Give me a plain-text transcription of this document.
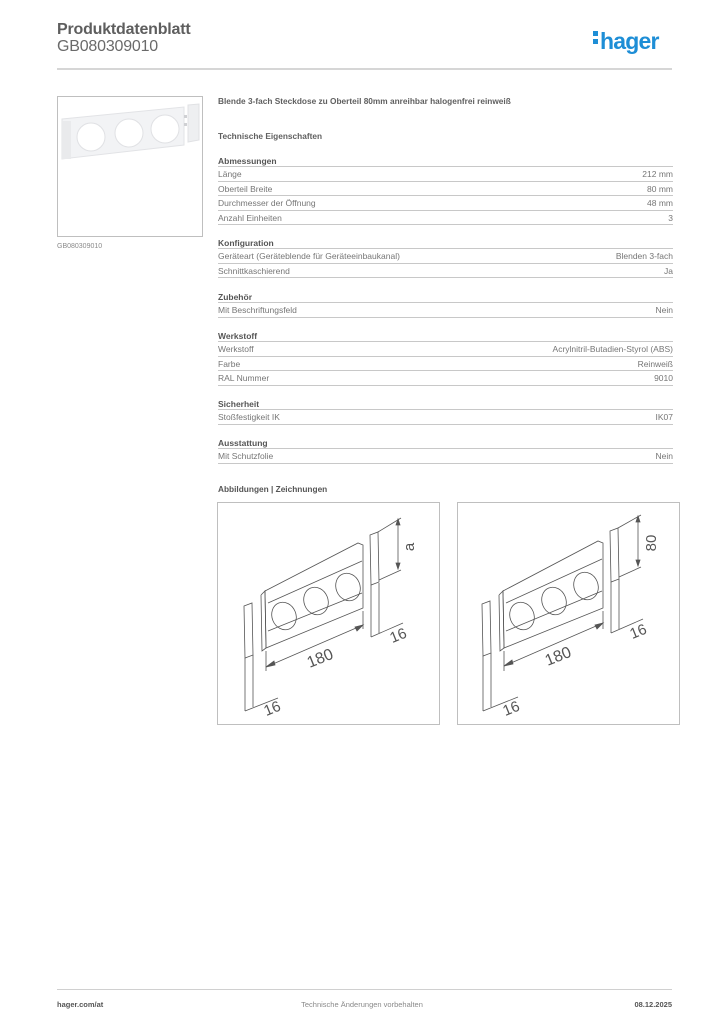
Produktdatenblatt
GB080309010	hager
GB080309010
Blende 3-fach Steckdose zu Oberteil 80mm anreihbar halogenfrei reinweiß
Technische Eigenschaften
Abmessungen
Länge	212 mm
Oberteil Breite	80 mm
Durchmesser der Öffnung	48 mm
Anzahl Einheiten	3
Konfiguration
Geräteart (Geräteblende für Geräteeinbaukanal)	Blenden 3-fach
Schnittkaschierend	Ja
Zubehör
Mit Beschriftungsfeld	Nein
Werkstoff
Werkstoff	Acrylnitril-Butadien-Styrol (ABS)
Farbe	Reinweiß
RAL Nummer	9010
Sicherheit
Stoßfestigkeit IK	IK07
Ausstattung
Mit Schutzfolie	Nein
Abbildungen | Zeichnungen
a
180
16
16
80
180
16
16
hager.com/at	Technische Änderungen vorbehalten	08.12.2025
